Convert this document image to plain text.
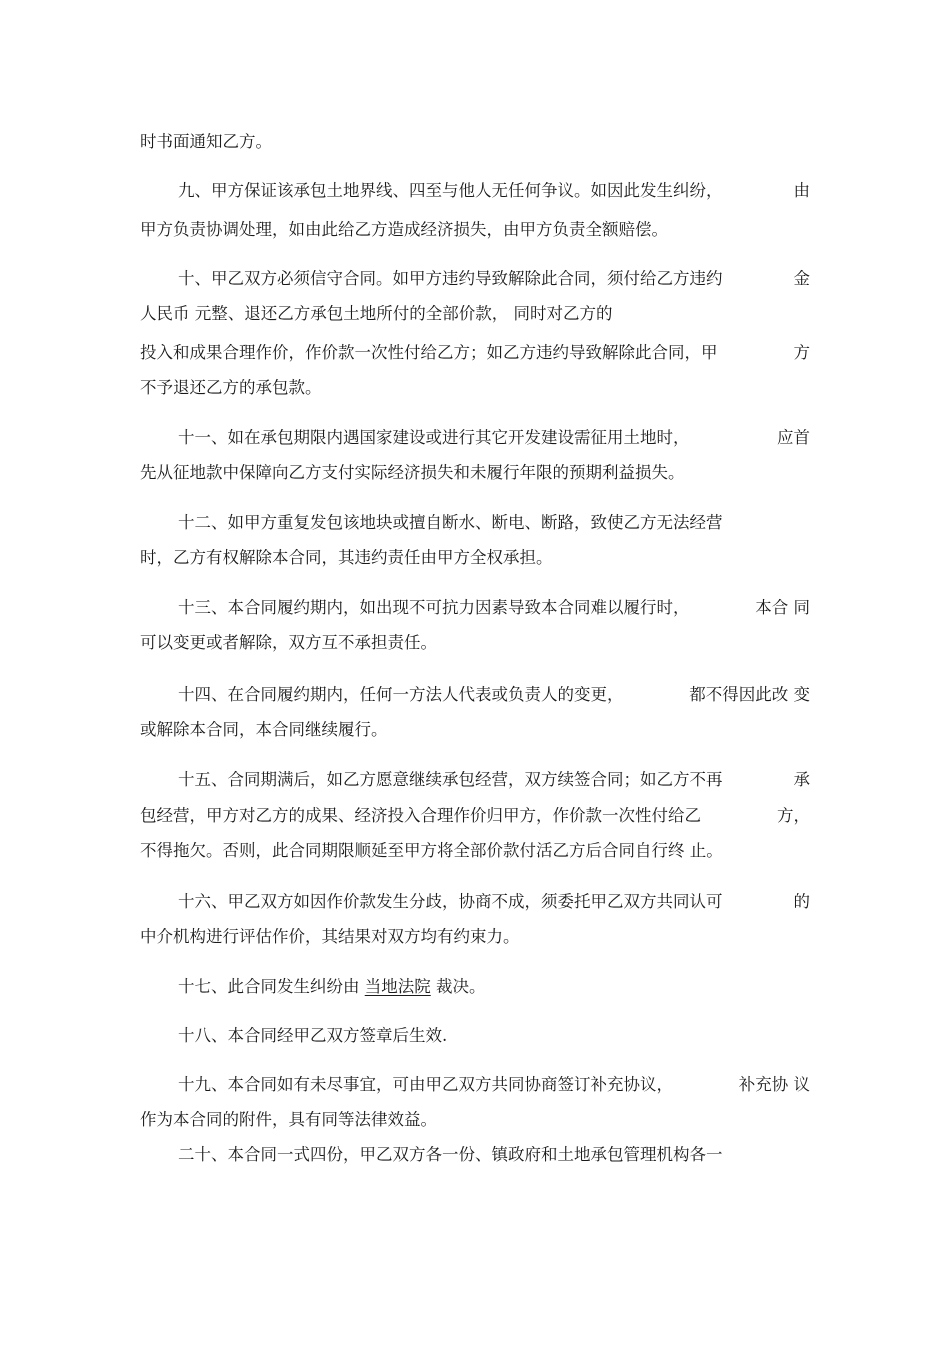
时书面通知乙方。
九、甲方保证该承包土地界线、四至与他人无任何争议。如因此发生纠纷，	由
甲方负责协调处理，如由此给乙方造成经济损失，由甲方负责全额赔偿。
十、甲乙双方必须信守合同。如甲方违约导致解除此合同，须付给乙方违约	金
人民币 元整、退还乙方承包土地所付的全部价款， 同时对乙方的
投入和成果合理作价，作价款一次性付给乙方；如乙方违约导致解除此合同，甲	方
不予退还乙方的承包款。
十一、如在承包期限内遇国家建设或进行其它开发建设需征用土地时，	应首
先从征地款中保障向乙方支付实际经济损失和未履行年限的预期利益损失。
十二、如甲方重复发包该地块或擅自断水、断电、断路，致使乙方无法经营
时，乙方有权解除本合同，其违约责任由甲方全权承担。
十三、本合同履约期内，如出现不可抗力因素导致本合同难以履行时，	本合 同
可以变更或者解除，双方互不承担责任。
十四、在合同履约期内，任何一方法人代表或负责人的变更，	都不得因此改 变
或解除本合同，本合同继续履行。
十五、合同期满后，如乙方愿意继续承包经营，双方续签合同；如乙方不再	承
包经营，甲方对乙方的成果、经济投入合理作价归甲方，作价款一次性付给乙	方，
不得拖欠。否则，此合同期限顺延至甲方将全部价款付活乙方后合同自行终 止。
十六、甲乙双方如因作价款发生分歧，协商不成，须委托甲乙双方共同认可	的
中介机构进行评估作价，其结果对双方均有约束力。
十七、此合同发生纠纷由 当地法院 裁决。
十八、本合同经甲乙双方签章后生效.
十九、本合同如有未尽事宜，可由甲乙双方共同协商签订补充协议，	补充协 议
作为本合同的附件，具有同等法律效益。
二十、本合同一式四份，甲乙双方各一份、镇政府和土地承包管理机构各一
